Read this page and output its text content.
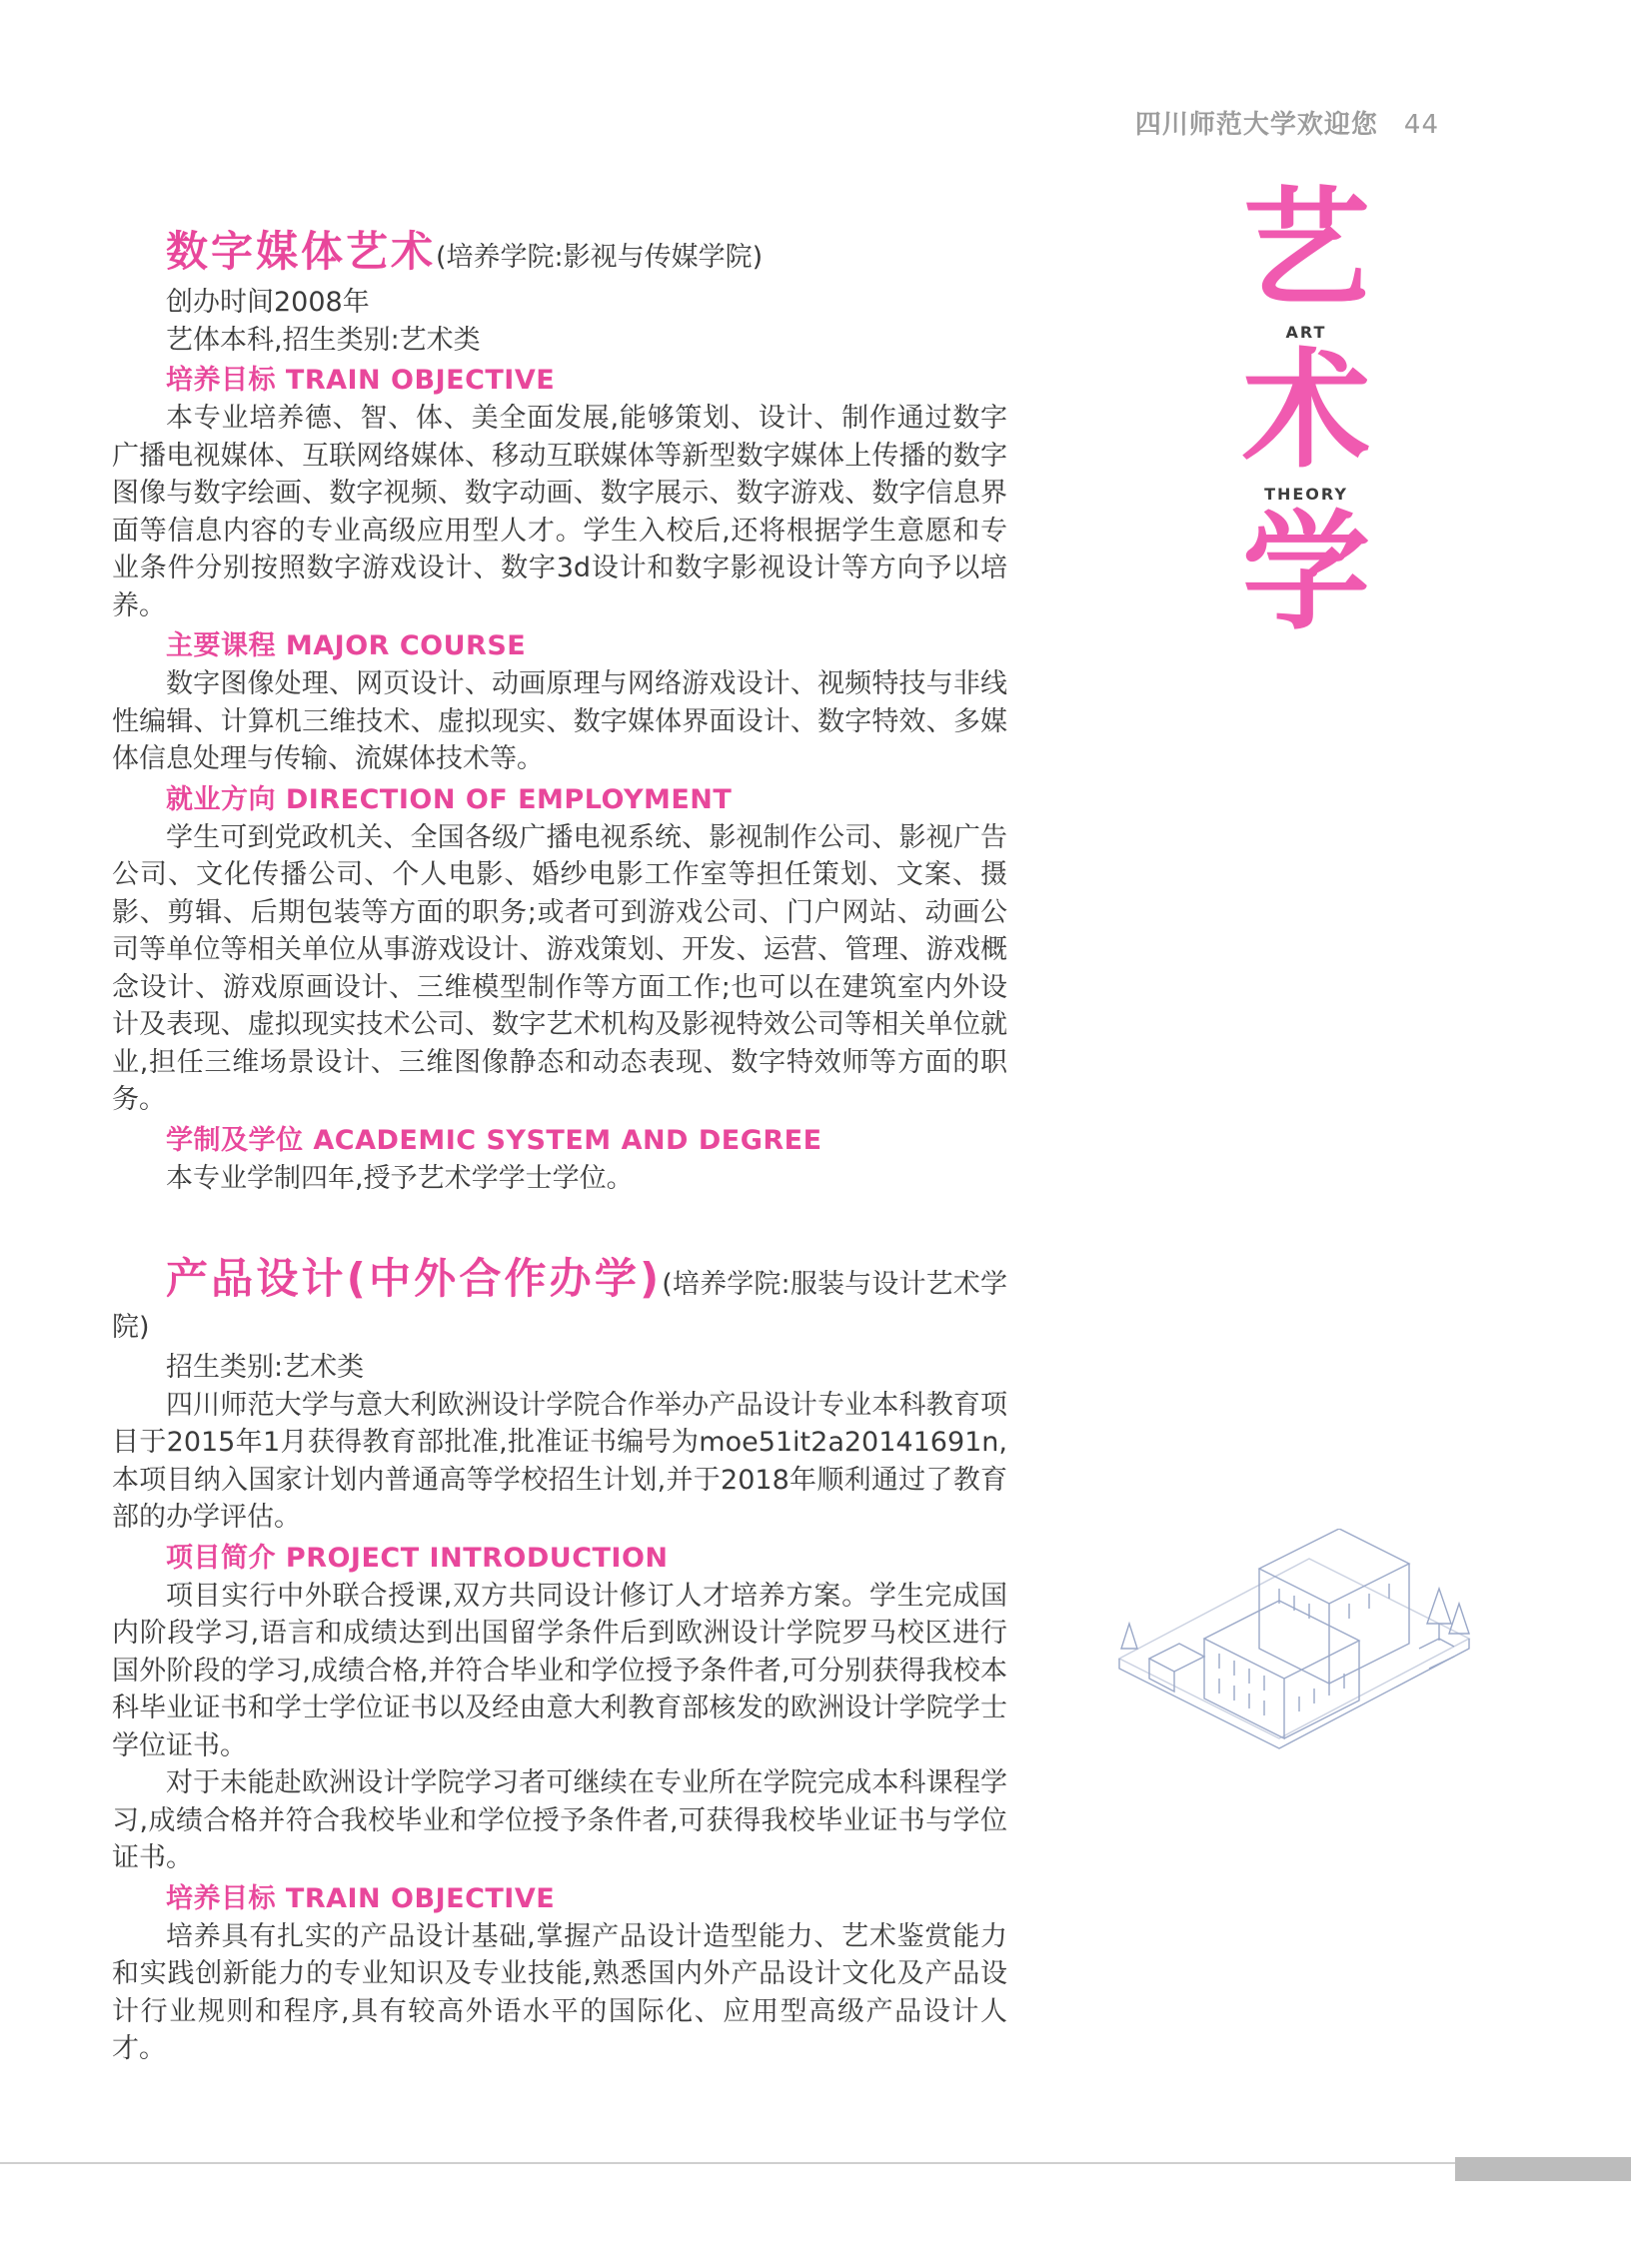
四川师范大学欢迎您 44
艺
ART
术
THEORY
学
数字媒体艺术(培养学院:影视与传媒学院)

创办时间2008年

艺体本科,招生类别:艺术类

培养目标 TRAIN OBJECTIVE

本专业培养德、智、体、美全面发展,能够策划、设计、制作通过数字广播电视媒体、互联网络媒体、移动互联媒体等新型数字媒体上传播的数字图像与数字绘画、数字视频、数字动画、数字展示、数字游戏、数字信息界面等信息内容的专业高级应用型人才。学生入校后,还将根据学生意愿和专业条件分别按照数字游戏设计、数字3d设计和数字影视设计等方向予以培养。

主要课程 MAJOR COURSE

数字图像处理、网页设计、动画原理与网络游戏设计、视频特技与非线性编辑、计算机三维技术、虚拟现实、数字媒体界面设计、数字特效、多媒体信息处理与传输、流媒体技术等。

就业方向 DIRECTION OF EMPLOYMENT

学生可到党政机关、全国各级广播电视系统、影视制作公司、影视广告公司、文化传播公司、个人电影、婚纱电影工作室等担任策划、文案、摄影、剪辑、后期包装等方面的职务;或者可到游戏公司、门户网站、动画公司等单位等相关单位从事游戏设计、游戏策划、开发、运营、管理、游戏概念设计、游戏原画设计、三维模型制作等方面工作;也可以在建筑室内外设计及表现、虚拟现实技术公司、数字艺术机构及影视特效公司等相关单位就业,担任三维场景设计、三维图像静态和动态表现、数字特效师等方面的职务。

学制及学位 ACADEMIC SYSTEM AND DEGREE

本专业学制四年,授予艺术学学士学位。

产品设计(中外合作办学)(培养学院:服装与设计艺术学院)

招生类别:艺术类

四川师范大学与意大利欧洲设计学院合作举办产品设计专业本科教育项目于2015年1月获得教育部批准,批准证书编号为moe51it2a20141691n,本项目纳入国家计划内普通高等学校招生计划,并于2018年顺利通过了教育部的办学评估。

项目简介 PROJECT INTRODUCTION

项目实行中外联合授课,双方共同设计修订人才培养方案。学生完成国内阶段学习,语言和成绩达到出国留学条件后到欧洲设计学院罗马校区进行国外阶段的学习,成绩合格,并符合毕业和学位授予条件者,可分别获得我校本科毕业证书和学士学位证书以及经由意大利教育部核发的欧洲设计学院学士学位证书。

对于未能赴欧洲设计学院学习者可继续在专业所在学院完成本科课程学习,成绩合格并符合我校毕业和学位授予条件者,可获得我校毕业证书与学位证书。

培养目标 TRAIN OBJECTIVE

培养具有扎实的产品设计基础,掌握产品设计造型能力、艺术鉴赏能力和实践创新能力的专业知识及专业技能,熟悉国内外产品设计文化及产品设计行业规则和程序,具有较高外语水平的国际化、应用型高级产品设计人才。
